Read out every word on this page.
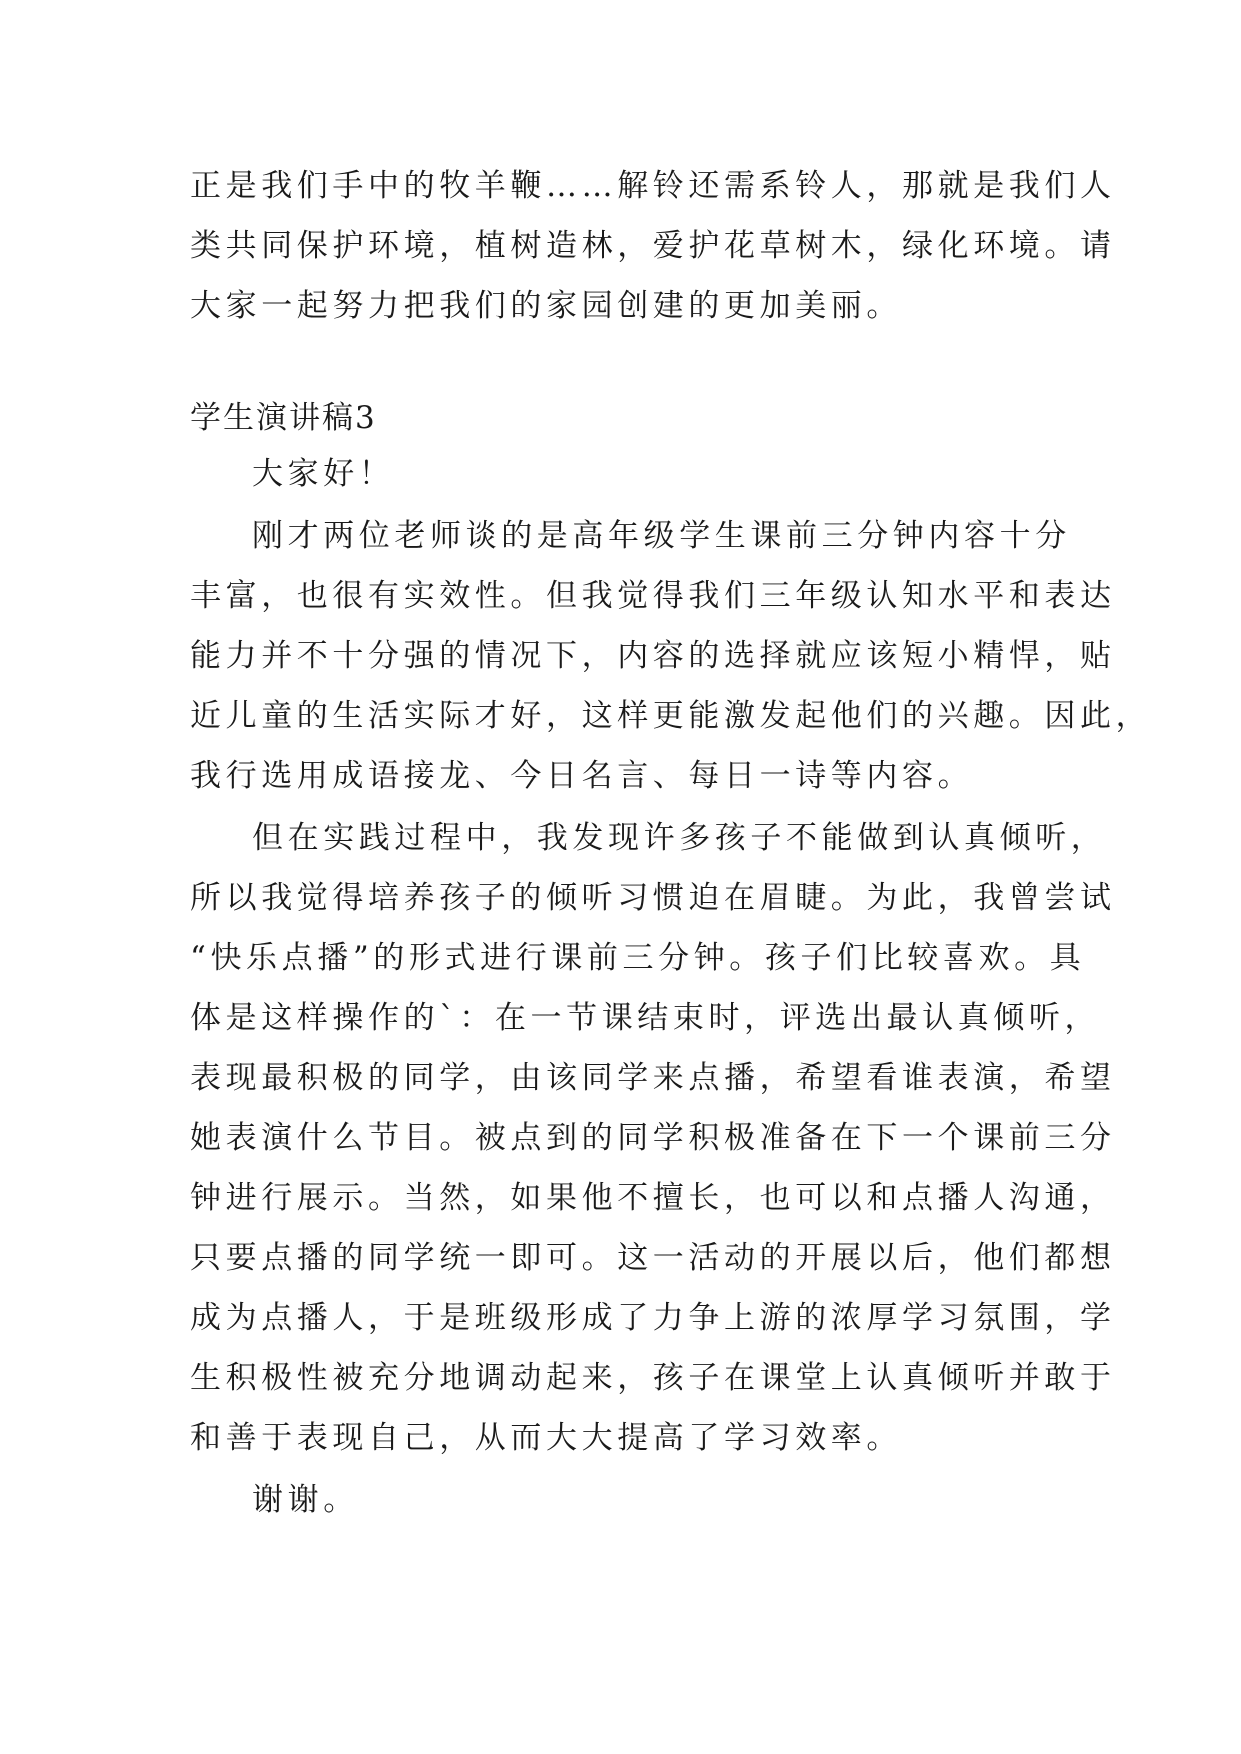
正是我们手中的牧羊鞭……解铃还需系铃人，那就是我们人
类共同保护环境，植树造林，爱护花草树木，绿化环境。请
大家一起努力把我们的家园创建的更加美丽。
学生演讲稿3
大家好！
刚才两位老师谈的是高年级学生课前三分钟内容十分
丰富，也很有实效性。但我觉得我们三年级认知水平和表达
能力并不十分强的情况下，内容的选择就应该短小精悍，贴
近儿童的生活实际才好，这样更能激发起他们的兴趣。因此，
我行选用成语接龙、今日名言、每日一诗等内容。
但在实践过程中，我发现许多孩子不能做到认真倾听，
所以我觉得培养孩子的倾听习惯迫在眉睫。为此，我曾尝试
“快乐点播”的形式进行课前三分钟。孩子们比较喜欢。具
体是这样操作的`：在一节课结束时，评选出最认真倾听，
表现最积极的同学，由该同学来点播，希望看谁表演，希望
她表演什么节目。被点到的同学积极准备在下一个课前三分
钟进行展示。当然，如果他不擅长，也可以和点播人沟通，
只要点播的同学统一即可。这一活动的开展以后，他们都想
成为点播人，于是班级形成了力争上游的浓厚学习氛围，学
生积极性被充分地调动起来，孩子在课堂上认真倾听并敢于
和善于表现自己，从而大大提高了学习效率。
谢谢。
